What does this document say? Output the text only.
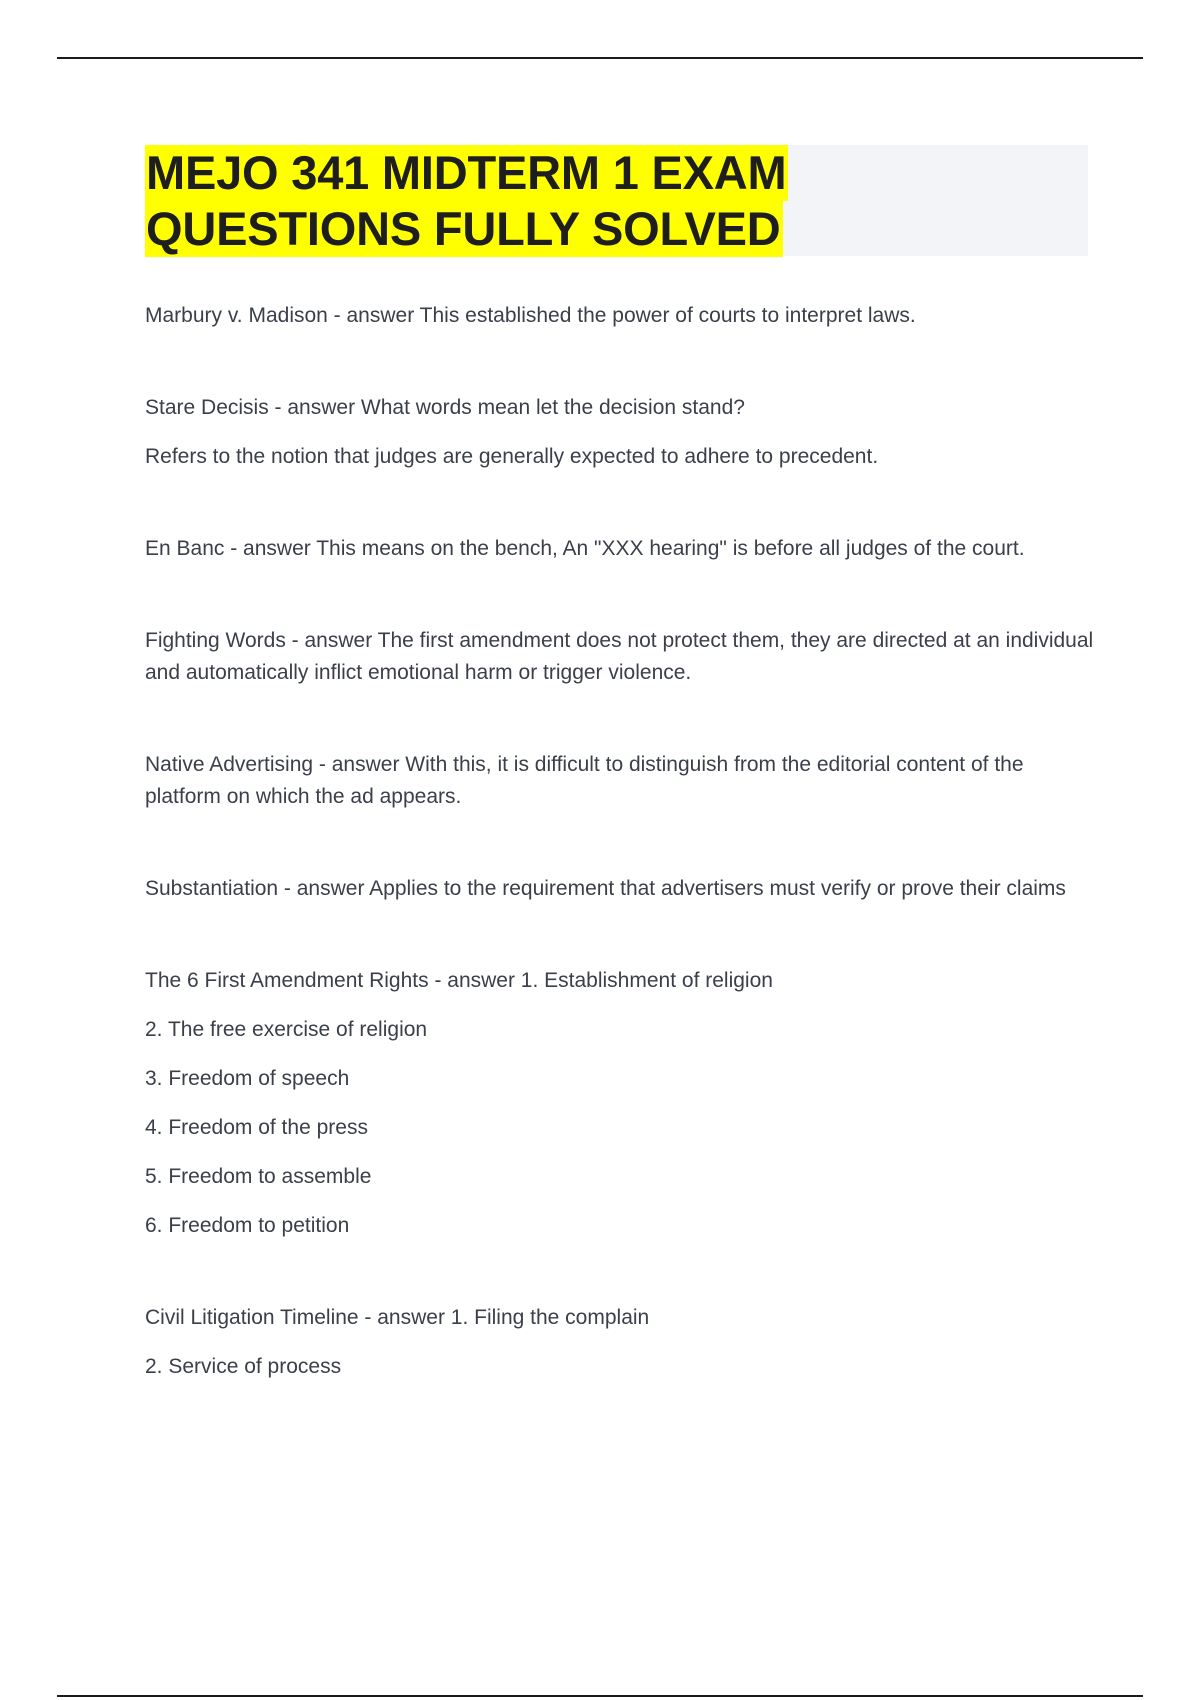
MEJO 341 MIDTERM 1 EXAM
QUESTIONS FULLY SOLVED

Marbury v. Madison - answer This established the power of courts to interpret laws.

Stare Decisis - answer What words mean let the decision stand?

Refers to the notion that judges are generally expected to adhere to precedent.

En Banc - answer This means on the bench, An "XXX hearing" is before all judges of the court.

Fighting Words - answer The first amendment does not protect them, they are directed at an individual and automatically inflict emotional harm or trigger violence.

Native Advertising - answer With this, it is difficult to distinguish from the editorial content of the platform on which the ad appears.

Substantiation - answer Applies to the requirement that advertisers must verify or prove their claims

The 6 First Amendment Rights - answer 1. Establishment of religion

2. The free exercise of religion

3. Freedom of speech

4. Freedom of the press

5. Freedom to assemble

6. Freedom to petition

Civil Litigation Timeline - answer 1. Filing the complain

2. Service of process
